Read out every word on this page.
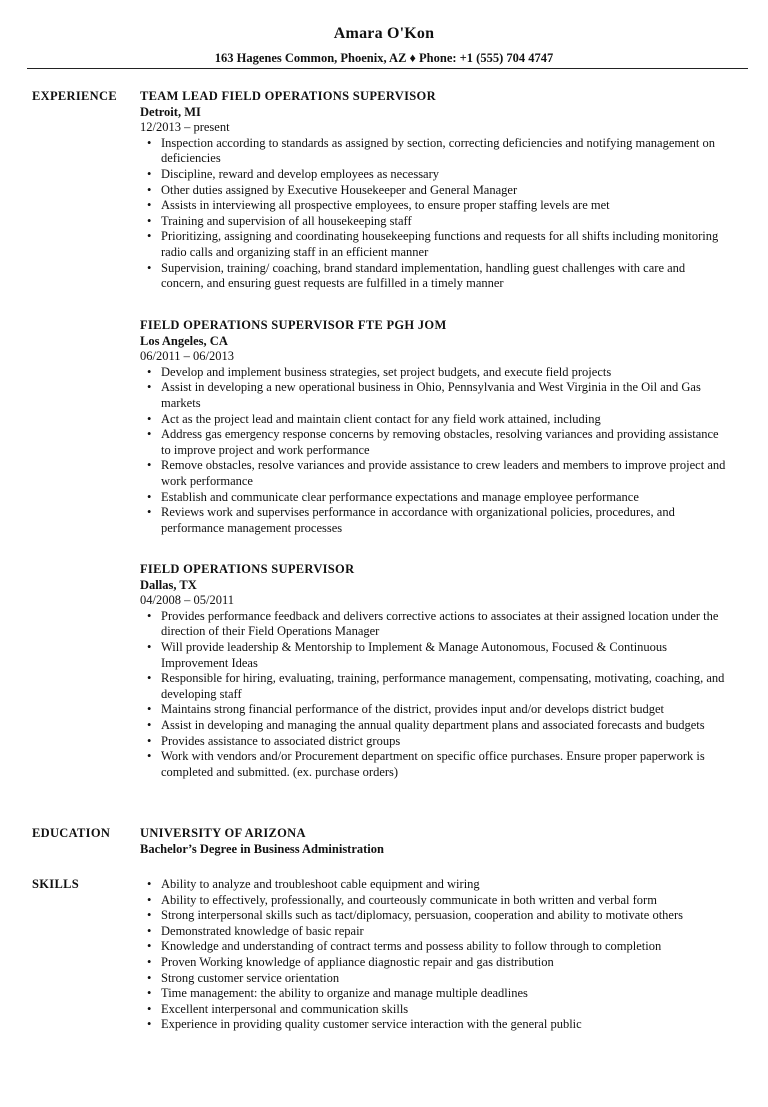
Amara O'Kon
163 Hagenes Common, Phoenix, AZ ♦ Phone: +1 (555) 704 4747
EXPERIENCE TEAM LEAD FIELD OPERATIONS SUPERVISOR
Detroit, MI
12/2013 – present
• Inspection according to standards as assigned by section, correcting deficiencies and notifying management on deficiencies
• Discipline, reward and develop employees as necessary
• Other duties assigned by Executive Housekeeper and General Manager
• Assists in interviewing all prospective employees, to ensure proper staffing levels are met
• Training and supervision of all housekeeping staff
• Prioritizing, assigning and coordinating housekeeping functions and requests for all shifts including monitoring radio calls and organizing staff in an efficient manner
• Supervision, training/ coaching, brand standard implementation, handling guest challenges with care and concern, and ensuring guest requests are fulfilled in a timely manner
FIELD OPERATIONS SUPERVISOR FTE PGH JOM
Los Angeles, CA
06/2011 – 06/2013
• Develop and implement business strategies, set project budgets, and execute field projects
• Assist in developing a new operational business in Ohio, Pennsylvania and West Virginia in the Oil and Gas markets
• Act as the project lead and maintain client contact for any field work attained, including
• Address gas emergency response concerns by removing obstacles, resolving variances and providing assistance to improve project and work performance
• Remove obstacles, resolve variances and provide assistance to crew leaders and members to improve project and work performance
• Establish and communicate clear performance expectations and manage employee performance
• Reviews work and supervises performance in accordance with organizational policies, procedures, and performance management processes
FIELD OPERATIONS SUPERVISOR
Dallas, TX
04/2008 – 05/2011
• Provides performance feedback and delivers corrective actions to associates at their assigned location under the direction of their Field Operations Manager
• Will provide leadership & Mentorship to Implement & Manage Autonomous, Focused & Continuous Improvement Ideas
• Responsible for hiring, evaluating, training, performance management, compensating, motivating, coaching, and developing staff
• Maintains strong financial performance of the district, provides input and/or develops district budget
• Assist in developing and managing the annual quality department plans and associated forecasts and budgets
• Provides assistance to associated district groups
• Work with vendors and/or Procurement department on specific office purchases. Ensure proper paperwork is completed and submitted. (ex. purchase orders)
EDUCATION UNIVERSITY OF ARIZONA
Bachelor’s Degree in Business Administration
SKILLS
•	Ability to analyze and troubleshoot cable equipment and wiring
• Ability to effectively, professionally, and courteously communicate in both written and verbal form
• Strong interpersonal skills such as tact/diplomacy, persuasion, cooperation and ability to motivate others
• Demonstrated knowledge of basic repair
• Knowledge and understanding of contract terms and possess ability to follow through to completion
• Proven Working knowledge of appliance diagnostic repair and gas distribution
• Strong customer service orientation
• Time management: the ability to organize and manage multiple deadlines
• Excellent interpersonal and communication skills
• Experience in providing quality customer service interaction with the general public
